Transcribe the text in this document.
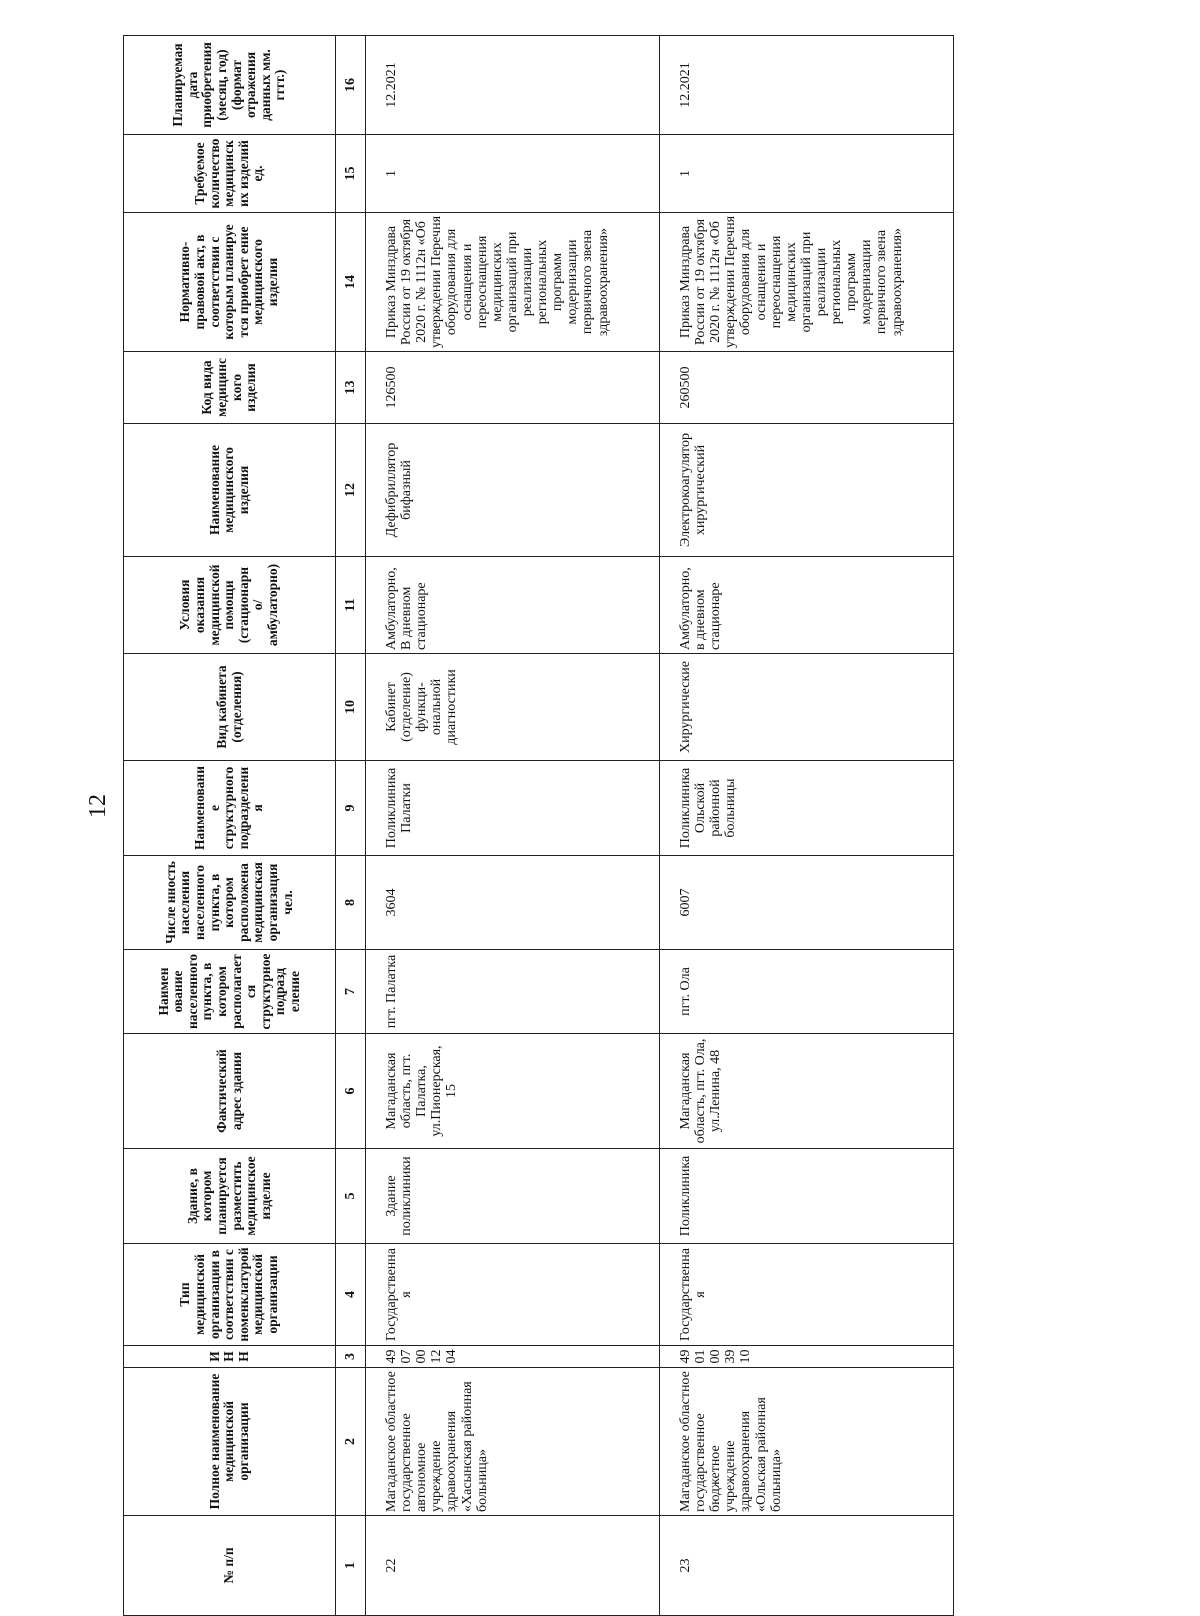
12
№ п/п	Полное наименование медицинской организации	ИНН	Тип медицинской организации в соответствии с номенклатурой медицинской организации	Здание, в котором планируется разместить медицинское изделие	Фактический адрес здания	Наимен ование населенного пункта, в котором располагается структурное подразд еление	Числе нность населения населенного пункта, в котором расположена медицинская организация чел.	Наименование структурного подразделения	Вид кабинета (отделения)	Условия оказания медицинской помощи (стационарн о/амбулаторно)	Наименование медицинского изделия	Код вида медицинского изделия	Нормативно- правовой акт, в соответствии с которым планируе тся приобрет ение медицинского изделия	Требуемое количество медицинских изделий ед.	Планируемая дата приобретения (месяц, год) (формат отражения данных мм. гггг.)
1	2	3	4	5	6	7	8	9	10	11	12	13	14	15	16
22	Магаданское областное государственное автономное учреждение здравоохранения «Хасынская районная больница»	4907001204	Государственная	Здание поликлиники	Магаданская область, пгт. Палатка, ул.Пионерская, 15	пгт. Палатка	3604	Поликлиника Палатки	Кабинет (отделение) функци- ональной диагностики	Амбулаторно, В дневном стационаре	Дефибриллятор бифазный	126500	Приказ Минздрава России от 19 октября 2020 г. № 1112н «Об утверждении Перечня оборудования для оснащения и переоснащения медицинских организаций при реализации региональных программ модернизации первичного звена здравоохранения»	1	12.2021
23	Магаданское областное государственное бюджетное учреждение здравоохранения «Ольская районная больница»	4901003910	Государственная	Поликлиника	Магаданская область, пгт. Ола, ул.Ленина, 48	пгт. Ола	6007	Поликлиника Ольской районной больницы	Хирургические	Амбулаторно, в дневном стационаре	Электрокоагулятор хирургический	260500	Приказ Минздрава России от 19 октября 2020 г. № 1112н «Об утверждении Перечня оборудования для оснащения и переоснащения медицинских организаций при реализации региональных программ модернизации первичного звена здравоохранения»	1	12.2021
